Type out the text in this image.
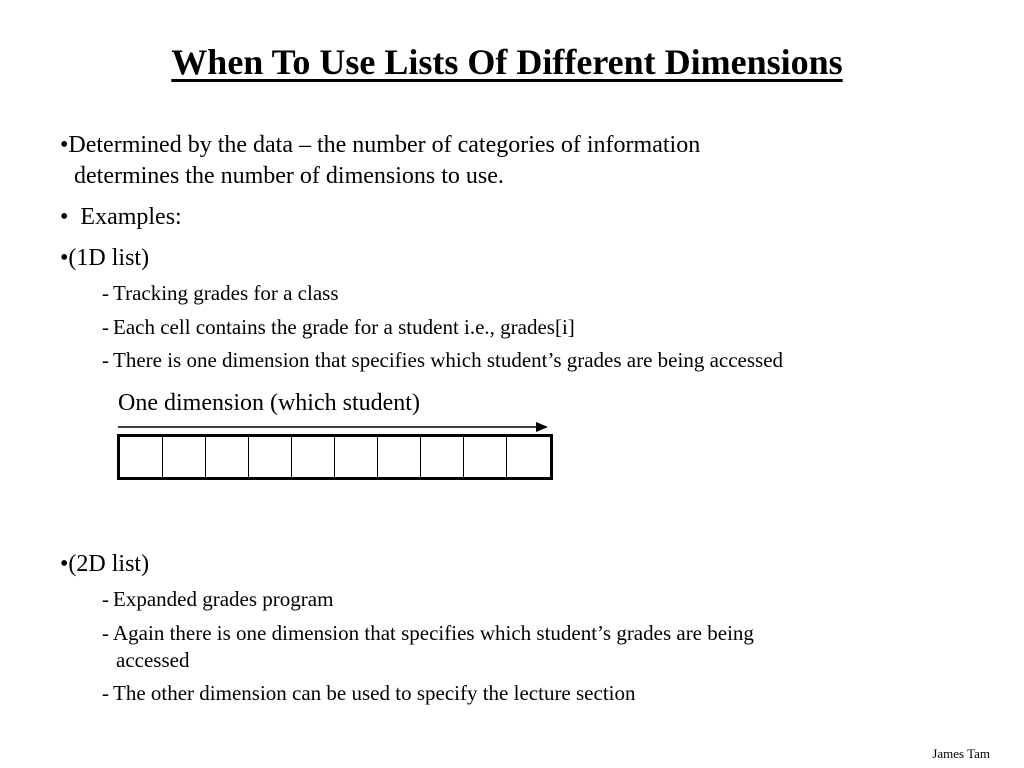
When To Use Lists Of Different Dimensions
•Determined by the data – the number of categories of information
determines the number of dimensions to use.
• Examples:
•(1D list)
- Tracking grades for a class
- Each cell contains the grade for a student i.e., grades[i]
- There is one dimension that specifies which student’s grades are being accessed
One dimension (which student)
•(2D list)
- Expanded grades program
- Again there is one dimension that specifies which student’s grades are being
accessed
- The other dimension can be used to specify the lecture section
James Tam
